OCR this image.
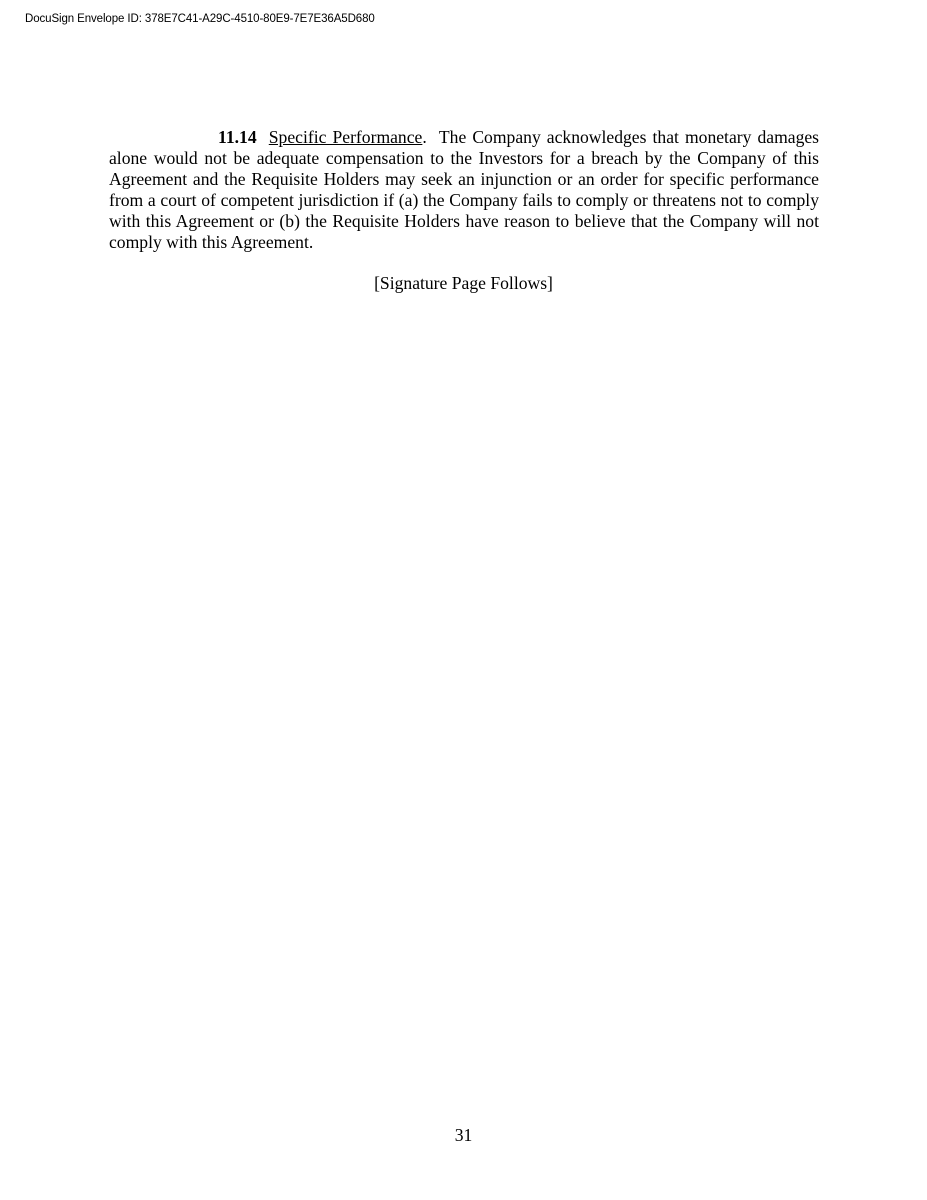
DocuSign Envelope ID: 378E7C41-A29C-4510-80E9-7E7E36A5D680

11.14 Specific Performance. The Company acknowledges that monetary damages alone would not be adequate compensation to the Investors for a breach by the Company of this Agreement and the Requisite Holders may seek an injunction or an order for specific performance from a court of competent jurisdiction if (a) the Company fails to comply or threatens not to comply with this Agreement or (b) the Requisite Holders have reason to believe that the Company will not comply with this Agreement.

[Signature Page Follows]
31
